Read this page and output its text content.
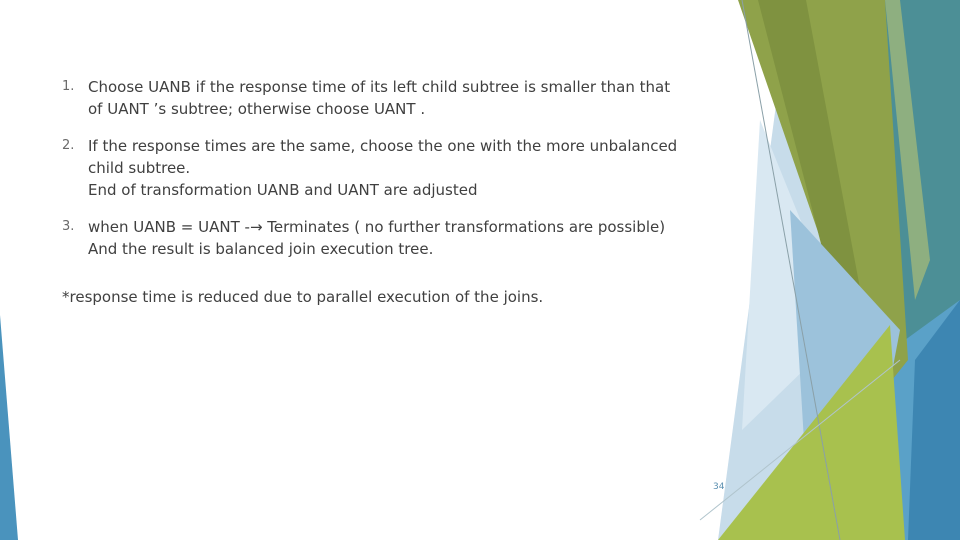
1. Choose UANB if the response time of its left child subtree is smaller than that
of UANT ’s subtree; otherwise choose UANT .
2. If the response times are the same, choose the one with the more unbalanced
child subtree.
End of transformation UANB and UANT are adjusted
3. when UANB = UANT -→ Terminates ( no further transformations are possible)
And the result is balanced join execution tree.
*response time is reduced due to parallel execution of the joins.
34
